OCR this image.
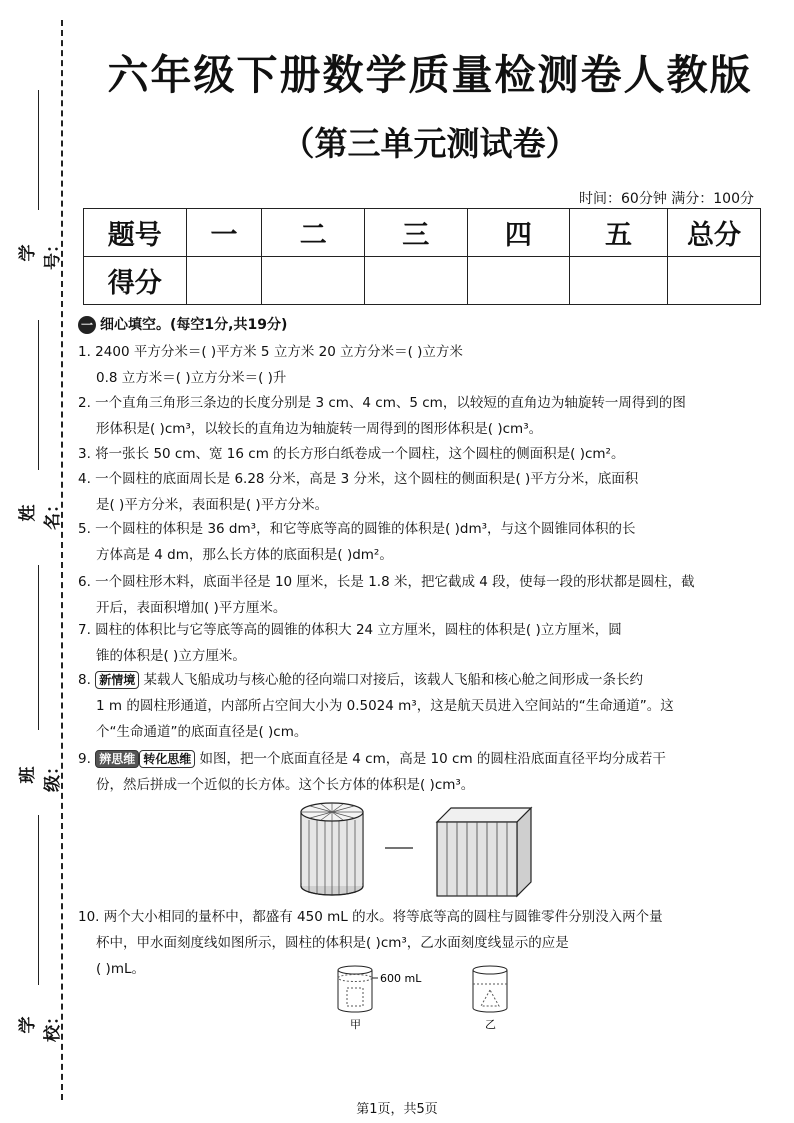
学号：
姓名：
班级：
学校：
六年级下册数学质量检测卷人教版
（第三单元测试卷）
时间：60分钟 满分：100分
题号	一	二	三	四	五	总分
得分						
一 细心填空。(每空1分,共19分)
1. 2400 平方分米＝( )平方米 5 立方米 20 立方分米＝( )立方米
0.8 立方米＝( )立方分米＝( )升
2. 一个直角三角形三条边的长度分别是 3 cm、4 cm、5 cm，以较短的直角边为轴旋转一周得到的图
形体积是( )cm³，以较长的直角边为轴旋转一周得到的图形体积是( )cm³。
3. 将一张长 50 cm、宽 16 cm 的长方形白纸卷成一个圆柱，这个圆柱的侧面积是( )cm²。
4. 一个圆柱的底面周长是 6.28 分米，高是 3 分米，这个圆柱的侧面积是( )平方分米，底面积
是( )平方分米，表面积是( )平方分米。
5. 一个圆柱的体积是 36 dm³，和它等底等高的圆锥的体积是( )dm³，与这个圆锥同体积的长
方体高是 4 dm，那么长方体的底面积是( )dm²。
6. 一个圆柱形木料，底面半径是 10 厘米，长是 1.8 米，把它截成 4 段，使每一段的形状都是圆柱，截
开后，表面积增加( )平方厘米。
7. 圆柱的体积比与它等底等高的圆锥的体积大 24 立方厘米，圆柱的体积是( )立方厘米，圆
锥的体积是( )立方厘米。
8. 新情境 某载人飞船成功与核心舱的径向端口对接后，该载人飞船和核心舱之间形成一条长约
1 m 的圆柱形通道，内部所占空间大小为 0.5024 m³，这是航天员进入空间站的“生命通道”。这
个“生命通道”的底面直径是( )cm。
9. 辨思维 转化思维 如图，把一个底面直径是 4 cm，高是 10 cm 的圆柱沿底面直径平均分成若干
份，然后拼成一个近似的长方体。这个长方体的体积是( )cm³。
10. 两个大小相同的量杯中，都盛有 450 mL 的水。将等底等高的圆柱与圆锥零件分别没入两个量
杯中，甲水面刻度线如图所示，圆柱的体积是( )cm³，乙水面刻度线显示的应是
( )mL。
600 mL
甲	乙
第1页，共5页
